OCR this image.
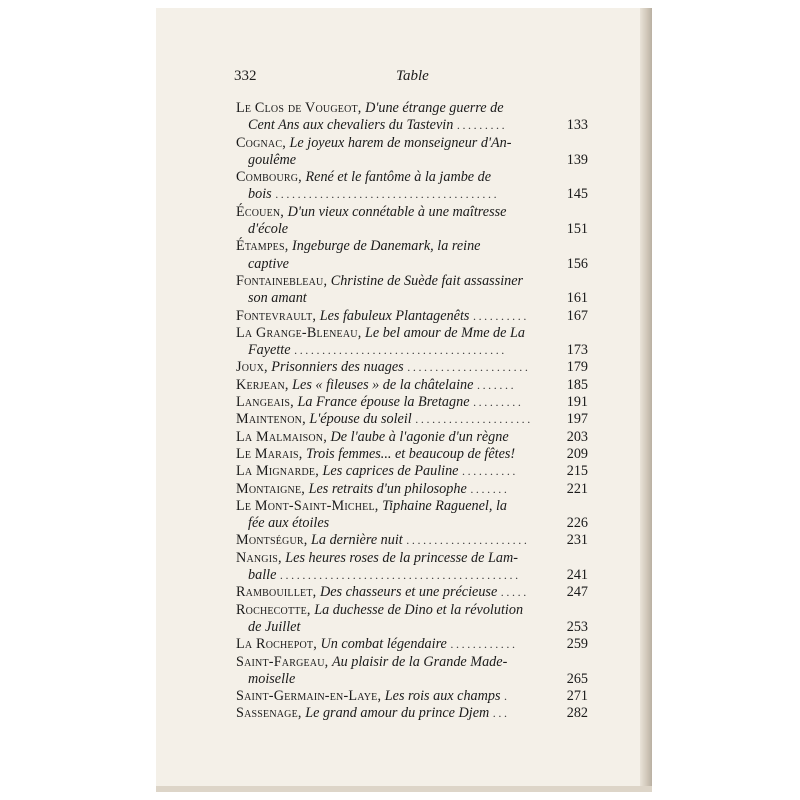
332	Table
Le Clos de Vougeot, D'une étrange guerre de
Cent Ans aux chevaliers du Tastevin .........	133
Cognac, Le joyeux harem de monseigneur d'An-
goulême	139
Combourg, René et le fantôme à la jambe de
bois ........................................	145
Écouen, D'un vieux connétable à une maîtresse
d'école	151
Étampes, Ingeburge de Danemark, la reine
captive	156
Fontainebleau, Christine de Suède fait assassiner
son amant	161
Fontevrault, Les fabuleux Plantagenêts ..........	167
La Grange-Bleneau, Le bel amour de Mme de La
Fayette ......................................	173
Joux, Prisonniers des nuages ......................	179
Kerjean, Les « fileuses » de la châtelaine .......	185
Langeais, La France épouse la Bretagne .........	191
Maintenon, L'épouse du soleil ..................... 197
La Malmaison, De l'aube à l'agonie d'un règne	203
Le Marais, Trois femmes... et beaucoup de fêtes!	209
La Mignarde, Les caprices de Pauline ..........	215
Montaigne, Les retraits d'un philosophe .......	221
Le Mont-Saint-Michel, Tiphaine Raguenel, la
fée aux étoiles	226
Montségur, La dernière nuit ......................	231
Nangis, Les heures roses de la princesse de Lam-
balle ...........................................	241
Rambouillet, Des chasseurs et une précieuse .....	247
Rochecotte, La duchesse de Dino et la révolution
de Juillet	253
La Rochepot, Un combat légendaire ............	259
Saint-Fargeau, Au plaisir de la Grande Made-
moiselle	265
Saint-Germain-en-Laye, Les rois aux champs .	271
Sassenage, Le grand amour du prince Djem ...	282
